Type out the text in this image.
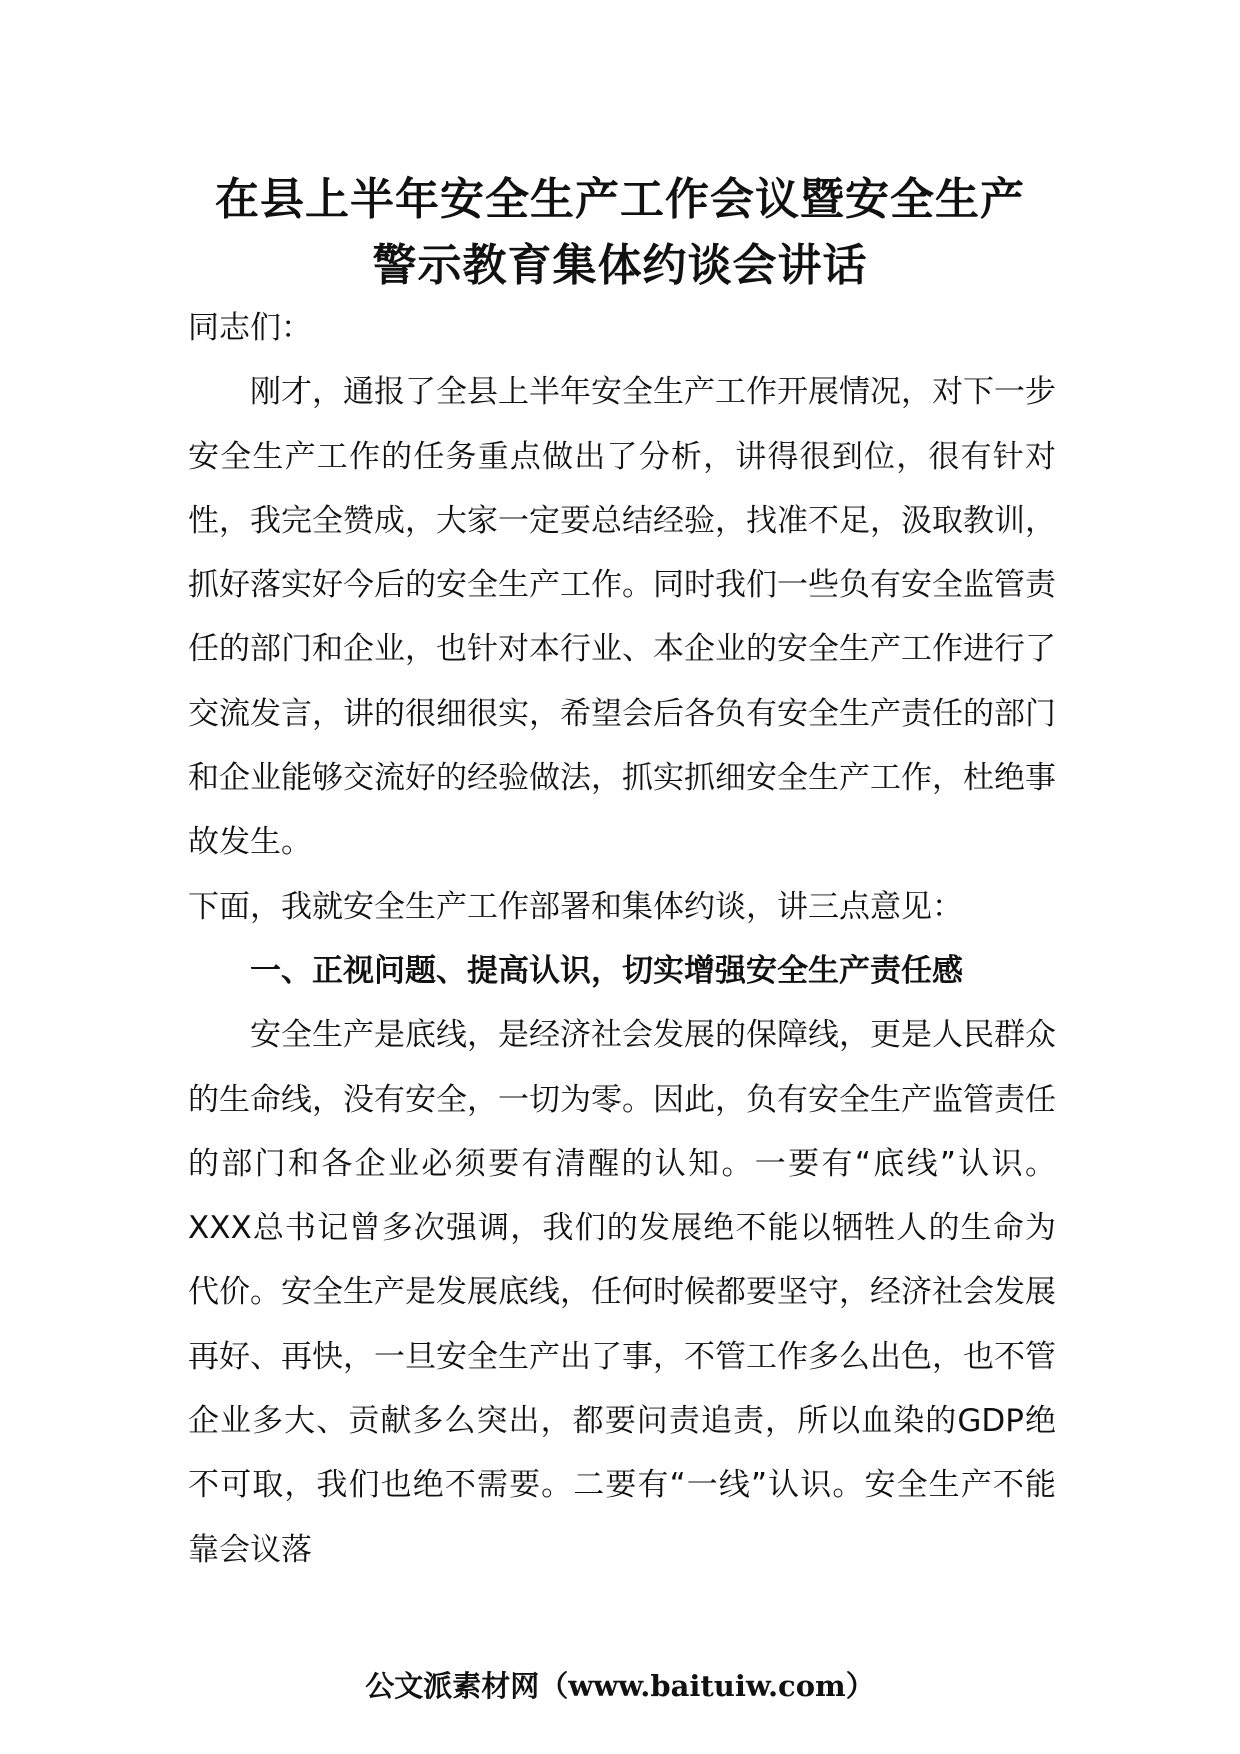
在县上半年安全生产工作会议暨安全生产
警示教育集体约谈会讲话

同志们：

刚才，通报了全县上半年安全生产工作开展情况，对下一步安全生产工作的任务重点做出了分析，讲得很到位，很有针对性，我完全赞成，大家一定要总结经验，找准不足，汲取教训，抓好落实好今后的安全生产工作。同时我们一些负有安全监管责任的部门和企业，也针对本行业、本企业的安全生产工作进行了交流发言，讲的很细很实，希望会后各负有安全生产责任的部门和企业能够交流好的经验做法，抓实抓细安全生产工作，杜绝事故发生。

下面，我就安全生产工作部署和集体约谈，讲三点意见：

一、正视问题、提高认识，切实增强安全生产责任感

安全生产是底线，是经济社会发展的保障线，更是人民群众的生命线，没有安全，一切为零。因此，负有安全生产监管责任的部门和各企业必须要有清醒的认知。一要有“底线”认识。XXX总书记曾多次强调，我们的发展绝不能以牺牲人的生命为代价。安全生产是发展底线，任何时候都要坚守，经济社会发展再好、再快，一旦安全生产出了事，不管工作多么出色，也不管企业多大、贡献多么突出，都要问责追责，所以血染的GDP绝不可取，我们也绝不需要。二要有“一线”认识。安全生产不能靠会议落

公文派素材网（www.baituiw.com）
